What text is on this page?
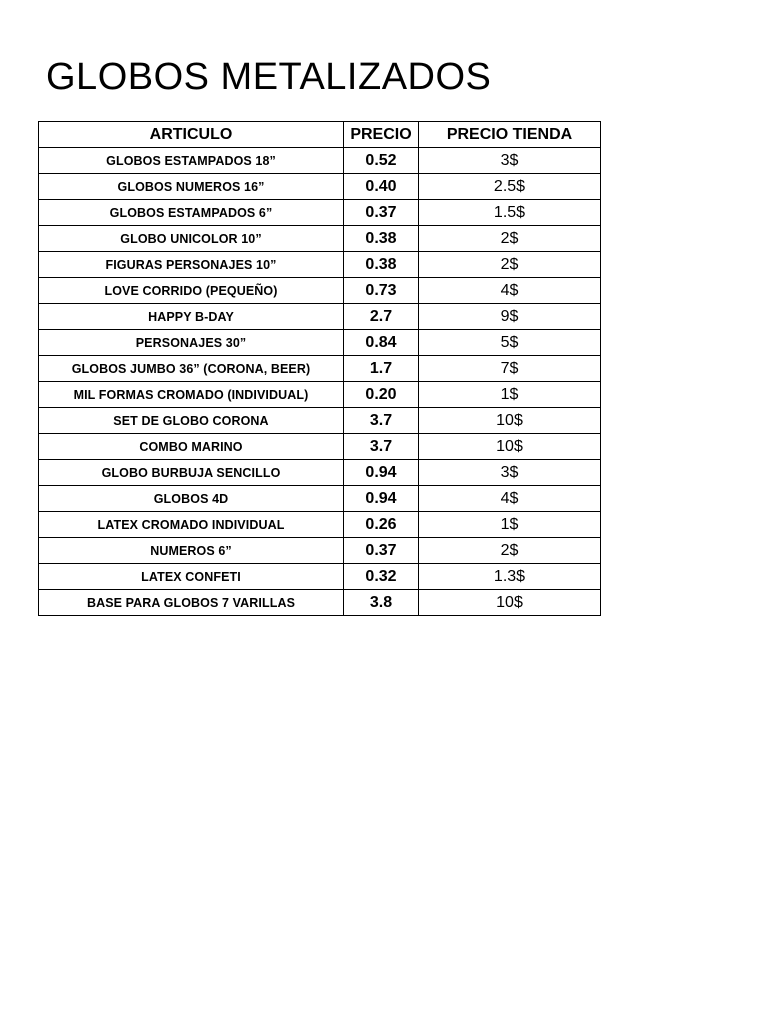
GLOBOS METALIZADOS
ARTICULO	PRECIO	PRECIO TIENDA
GLOBOS ESTAMPADOS 18”	0.52	3$
GLOBOS NUMEROS 16”	0.40	2.5$
GLOBOS ESTAMPADOS 6”	0.37	1.5$
GLOBO UNICOLOR 10”	0.38	2$
FIGURAS PERSONAJES 10”	0.38	2$
LOVE CORRIDO (PEQUEÑO)	0.73	4$
HAPPY B-DAY	2.7	9$
PERSONAJES 30”	0.84	5$
GLOBOS JUMBO 36” (CORONA, BEER)	1.7	7$
MIL FORMAS CROMADO (INDIVIDUAL)	0.20	1$
SET DE GLOBO CORONA	3.7	10$
COMBO MARINO	3.7	10$
GLOBO BURBUJA SENCILLO	0.94	3$
GLOBOS 4D	0.94	4$
LATEX CROMADO INDIVIDUAL	0.26	1$
NUMEROS 6”	0.37	2$
LATEX CONFETI	0.32	1.3$
BASE PARA GLOBOS 7 VARILLAS	3.8	10$
